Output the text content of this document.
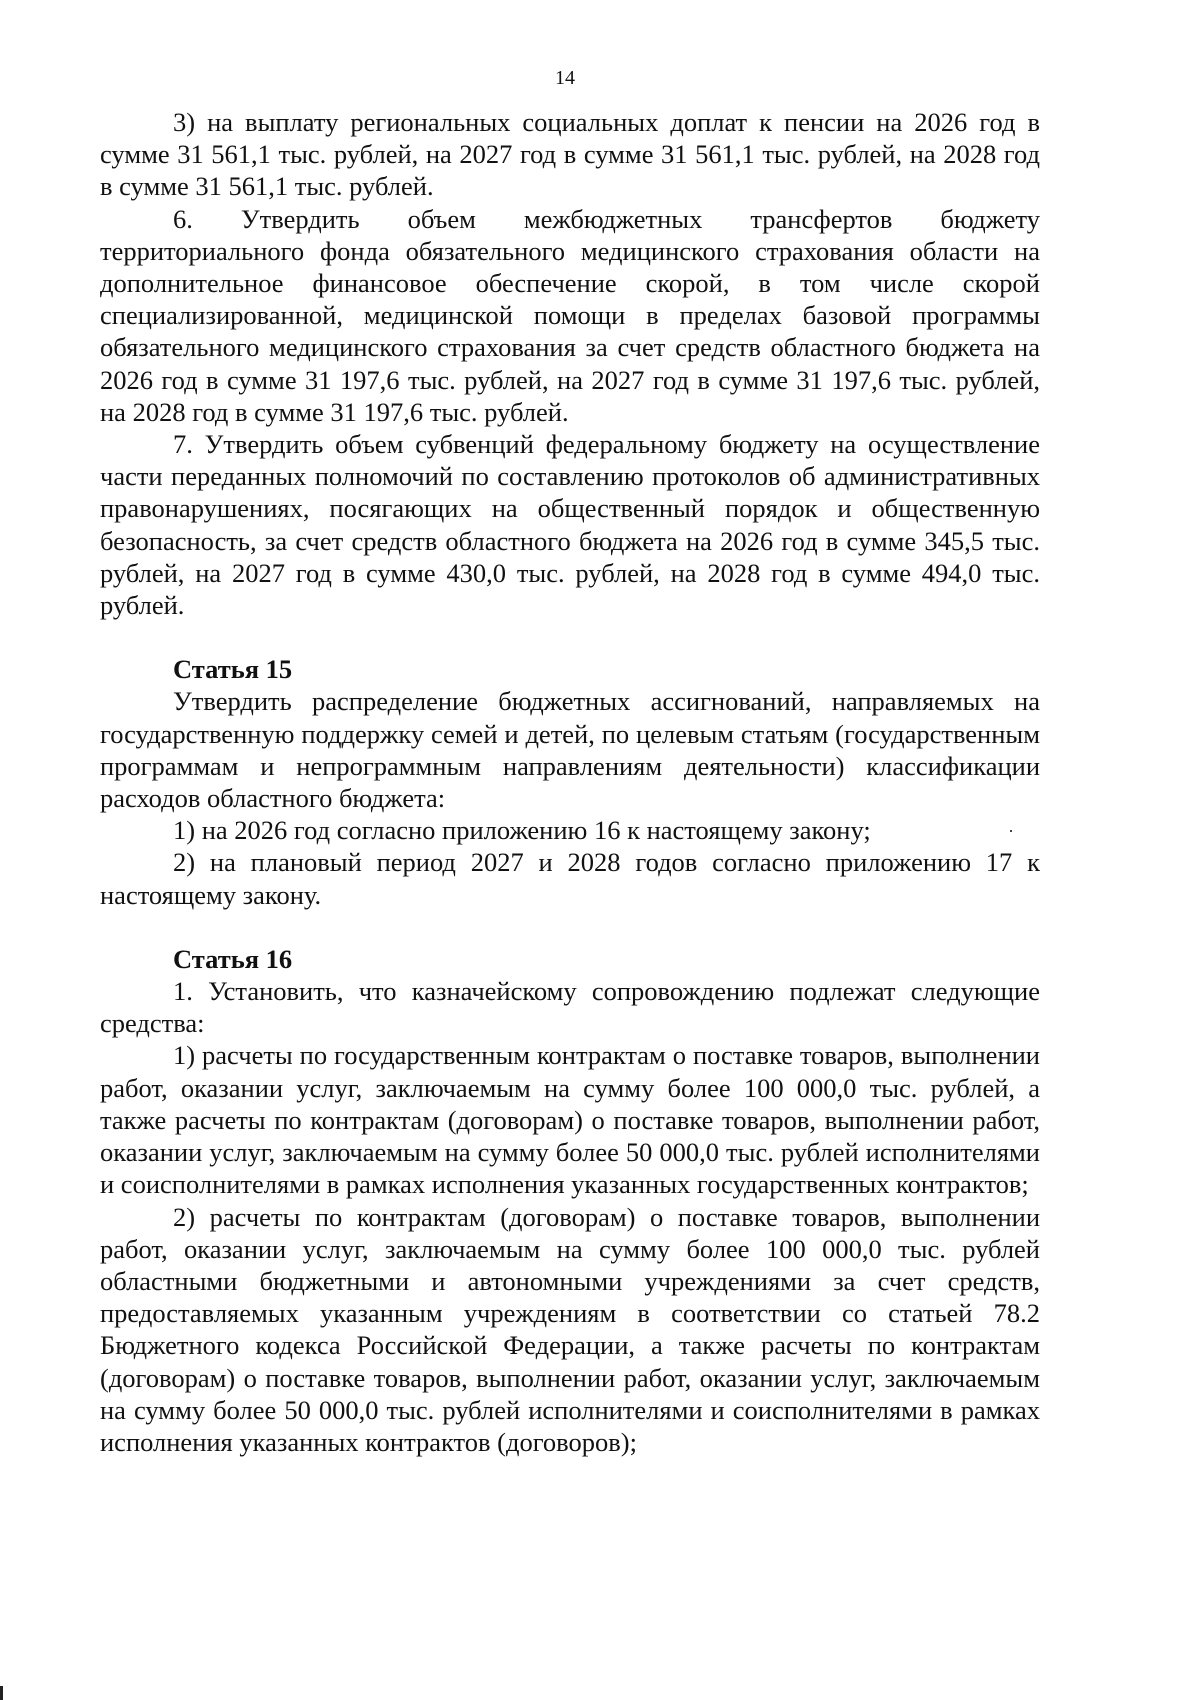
14

3) на выплату региональных социальных доплат к пенсии на 2026 год в сумме 31 561,1 тыс. рублей, на 2027 год в сумме 31 561,1 тыс. рублей, на 2028 год в сумме 31 561,1 тыс. рублей.

6. Утвердить объем межбюджетных трансфертов бюджету территориального фонда обязательного медицинского страхования области на дополнительное финансовое обеспечение скорой, в том числе скорой специализированной, медицинской помощи в пределах базовой программы обязательного медицинского страхования за счет средств областного бюджета на 2026 год в сумме 31 197,6 тыс. рублей, на 2027 год в сумме 31 197,6 тыс. рублей, на 2028 год в сумме 31 197,6 тыс. рублей.

7. Утвердить объем субвенций федеральному бюджету на осуществление части переданных полномочий по составлению протоколов об административных правонарушениях, посягающих на общественный порядок и общественную безопасность, за счет средств областного бюджета на 2026 год в сумме 345,5 тыс. рублей, на 2027 год в сумме 430,0 тыс. рублей, на 2028 год в сумме 494,0 тыс. рублей.

Статья 15

Утвердить распределение бюджетных ассигнований, направляемых на государственную поддержку семей и детей, по целевым статьям (государственным программам и непрограммным направлениям деятельности) классификации расходов областного бюджета:

1) на 2026 год согласно приложению 16 к настоящему закону;

2) на плановый период 2027 и 2028 годов согласно приложению 17 к настоящему закону.

Статья 16

1. Установить, что казначейскому сопровождению подлежат следующие средства:

1) расчеты по государственным контрактам о поставке товаров, выполнении работ, оказании услуг, заключаемым на сумму более 100 000,0 тыс. рублей, а также расчеты по контрактам (договорам) о поставке товаров, выполнении работ, оказании услуг, заключаемым на сумму более 50 000,0 тыс. рублей исполнителями и соисполнителями в рамках исполнения указанных государственных контрактов;

2) расчеты по контрактам (договорам) о поставке товаров, выполнении работ, оказании услуг, заключаемым на сумму более 100 000,0 тыс. рублей областными бюджетными и автономными учреждениями за счет средств, предоставляемых указанным учреждениям в соответствии со статьей 78.2 Бюджетного кодекса Российской Федерации, а также расчеты по контрактам (договорам) о поставке товаров, выполнении работ, оказании услуг, заключаемым на сумму более 50 000,0 тыс. рублей исполнителями и соисполнителями в рамках исполнения указанных контрактов (договоров);
